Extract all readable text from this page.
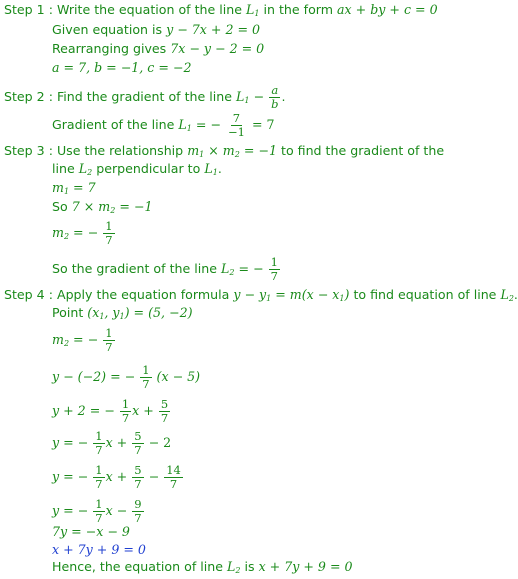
Step 1 : Write the equation of the line $L_1$ in the form ax + by + c = 0
Given equation is y − 7x + 2 = 0
Rearranging gives 7x − y − 2 = 0
a = 7, b = −1, c = −2
Step 2 : Find the gradient of the line $L_1 - \frac{a}{b}$ .
Gradient of the line $L_1$ = − $\frac{7}{-1} = 7$
Step 3 : Use the relationship $m_1 \times m_2 = -1$ to find the gradient of the
line $L_2$ perpendicular to $L_1$.
$m_1 = 7$
So $7 \times m_2 = -1$
$m_2$ = − $\frac{1}{7}$
So the gradient of the line $L_2$ = − $\frac{1}{7}$
Step 4 : Apply the equation formula $y - y_1 = m(x - x_1)$ to find equation of line $L_2$.
Point ($x_1$, $y_1) = (5$, −2)
$m_2$ = − $\frac{1}{7}$
y − (−2) = − $\frac{1}{7} (x - 5)$
y + 2 = − $\frac{1}{7}$ $x + \frac{5}{7}$
y = − $\frac{1}{7}$ $x + \frac{5}{7} - 2$
y = − $\frac{1}{7}$ $x + \frac{5}{7} - \frac{14}{7}$
y = − $\frac{1}{7}$ $x - \frac{9}{7}$
7y = −x − 9
x + 7y + 9 = 0
Hence, the equation of line $L_2$ is x + 7y + 9 = 0
